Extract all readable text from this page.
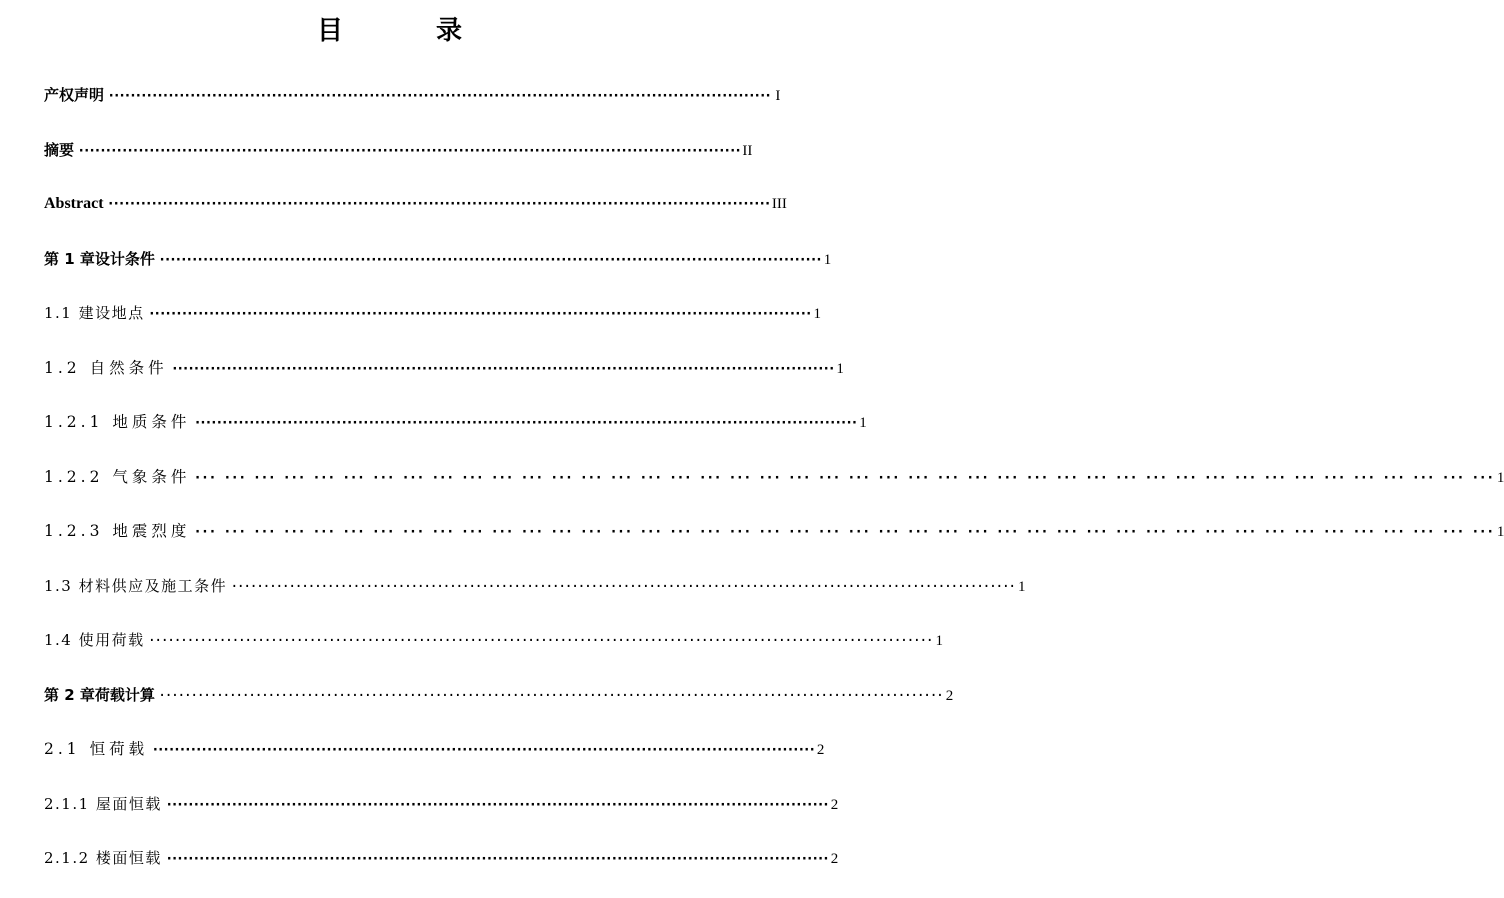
目 录
产权声明 ·························································································································· I
摘要 ·························································································································· II
Abstract ·························································································································· III
第 1 章设计条件 ·························································································································· 1
1.1 建设地点 ·························································································································· 1
1.2 自然条件 ·························································································································· 1
1.2.1 地质条件 ·························································································································· 1
1.2.2 气象条件 ··· ··· ··· ··· ··· ··· ··· ··· ··· ··· ··· ··· ··· ··· ··· ··· ··· ··· ··· ··· ··· ··· ··· ··· ··· ··· ··· ··· ··· ··· ··· ··· ··· ··· ··· ··· ··· ··· ··· ··· ··· ··· ··· ··· 1
1.2.3 地震烈度 ··· ··· ··· ··· ··· ··· ··· ··· ··· ··· ··· ··· ··· ··· ··· ··· ··· ··· ··· ··· ··· ··· ··· ··· ··· ··· ··· ··· ··· ··· ··· ··· ··· ··· ··· ··· ··· ··· ··· ··· ··· ··· ··· ··· 1
1.3 材料供应及施工条件 ·························································································································· 1
1.4 使用荷载 ·························································································································· 1
第 2 章荷载计算 ·························································································································· 2
2.1 恒荷载 ·························································································································· 2
2.1.1 屋面恒载 ·························································································································· 2
2.1.2 楼面恒载 ·························································································································· 2
